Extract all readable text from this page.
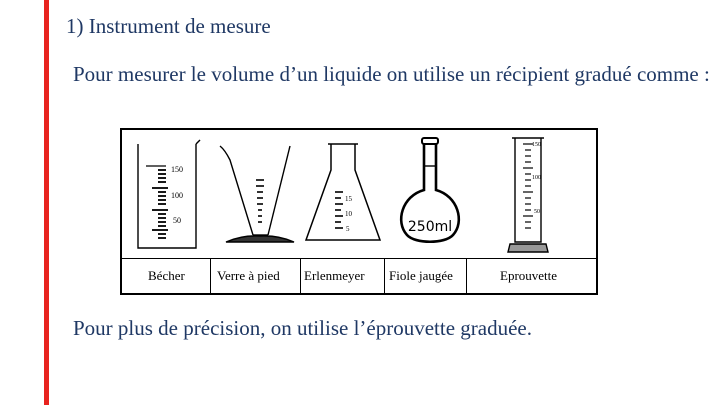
1) Instrument de mesure
Pour mesurer le volume d’un liquide on utilise un récipient gradué comme :
150
100
50
15
10
5	250ml
150
100
50
Bécher Verre à pied Erlenmeyer Fiole jaugée	Eprouvette
Pour plus de précision, on utilise l’éprouvette graduée.
